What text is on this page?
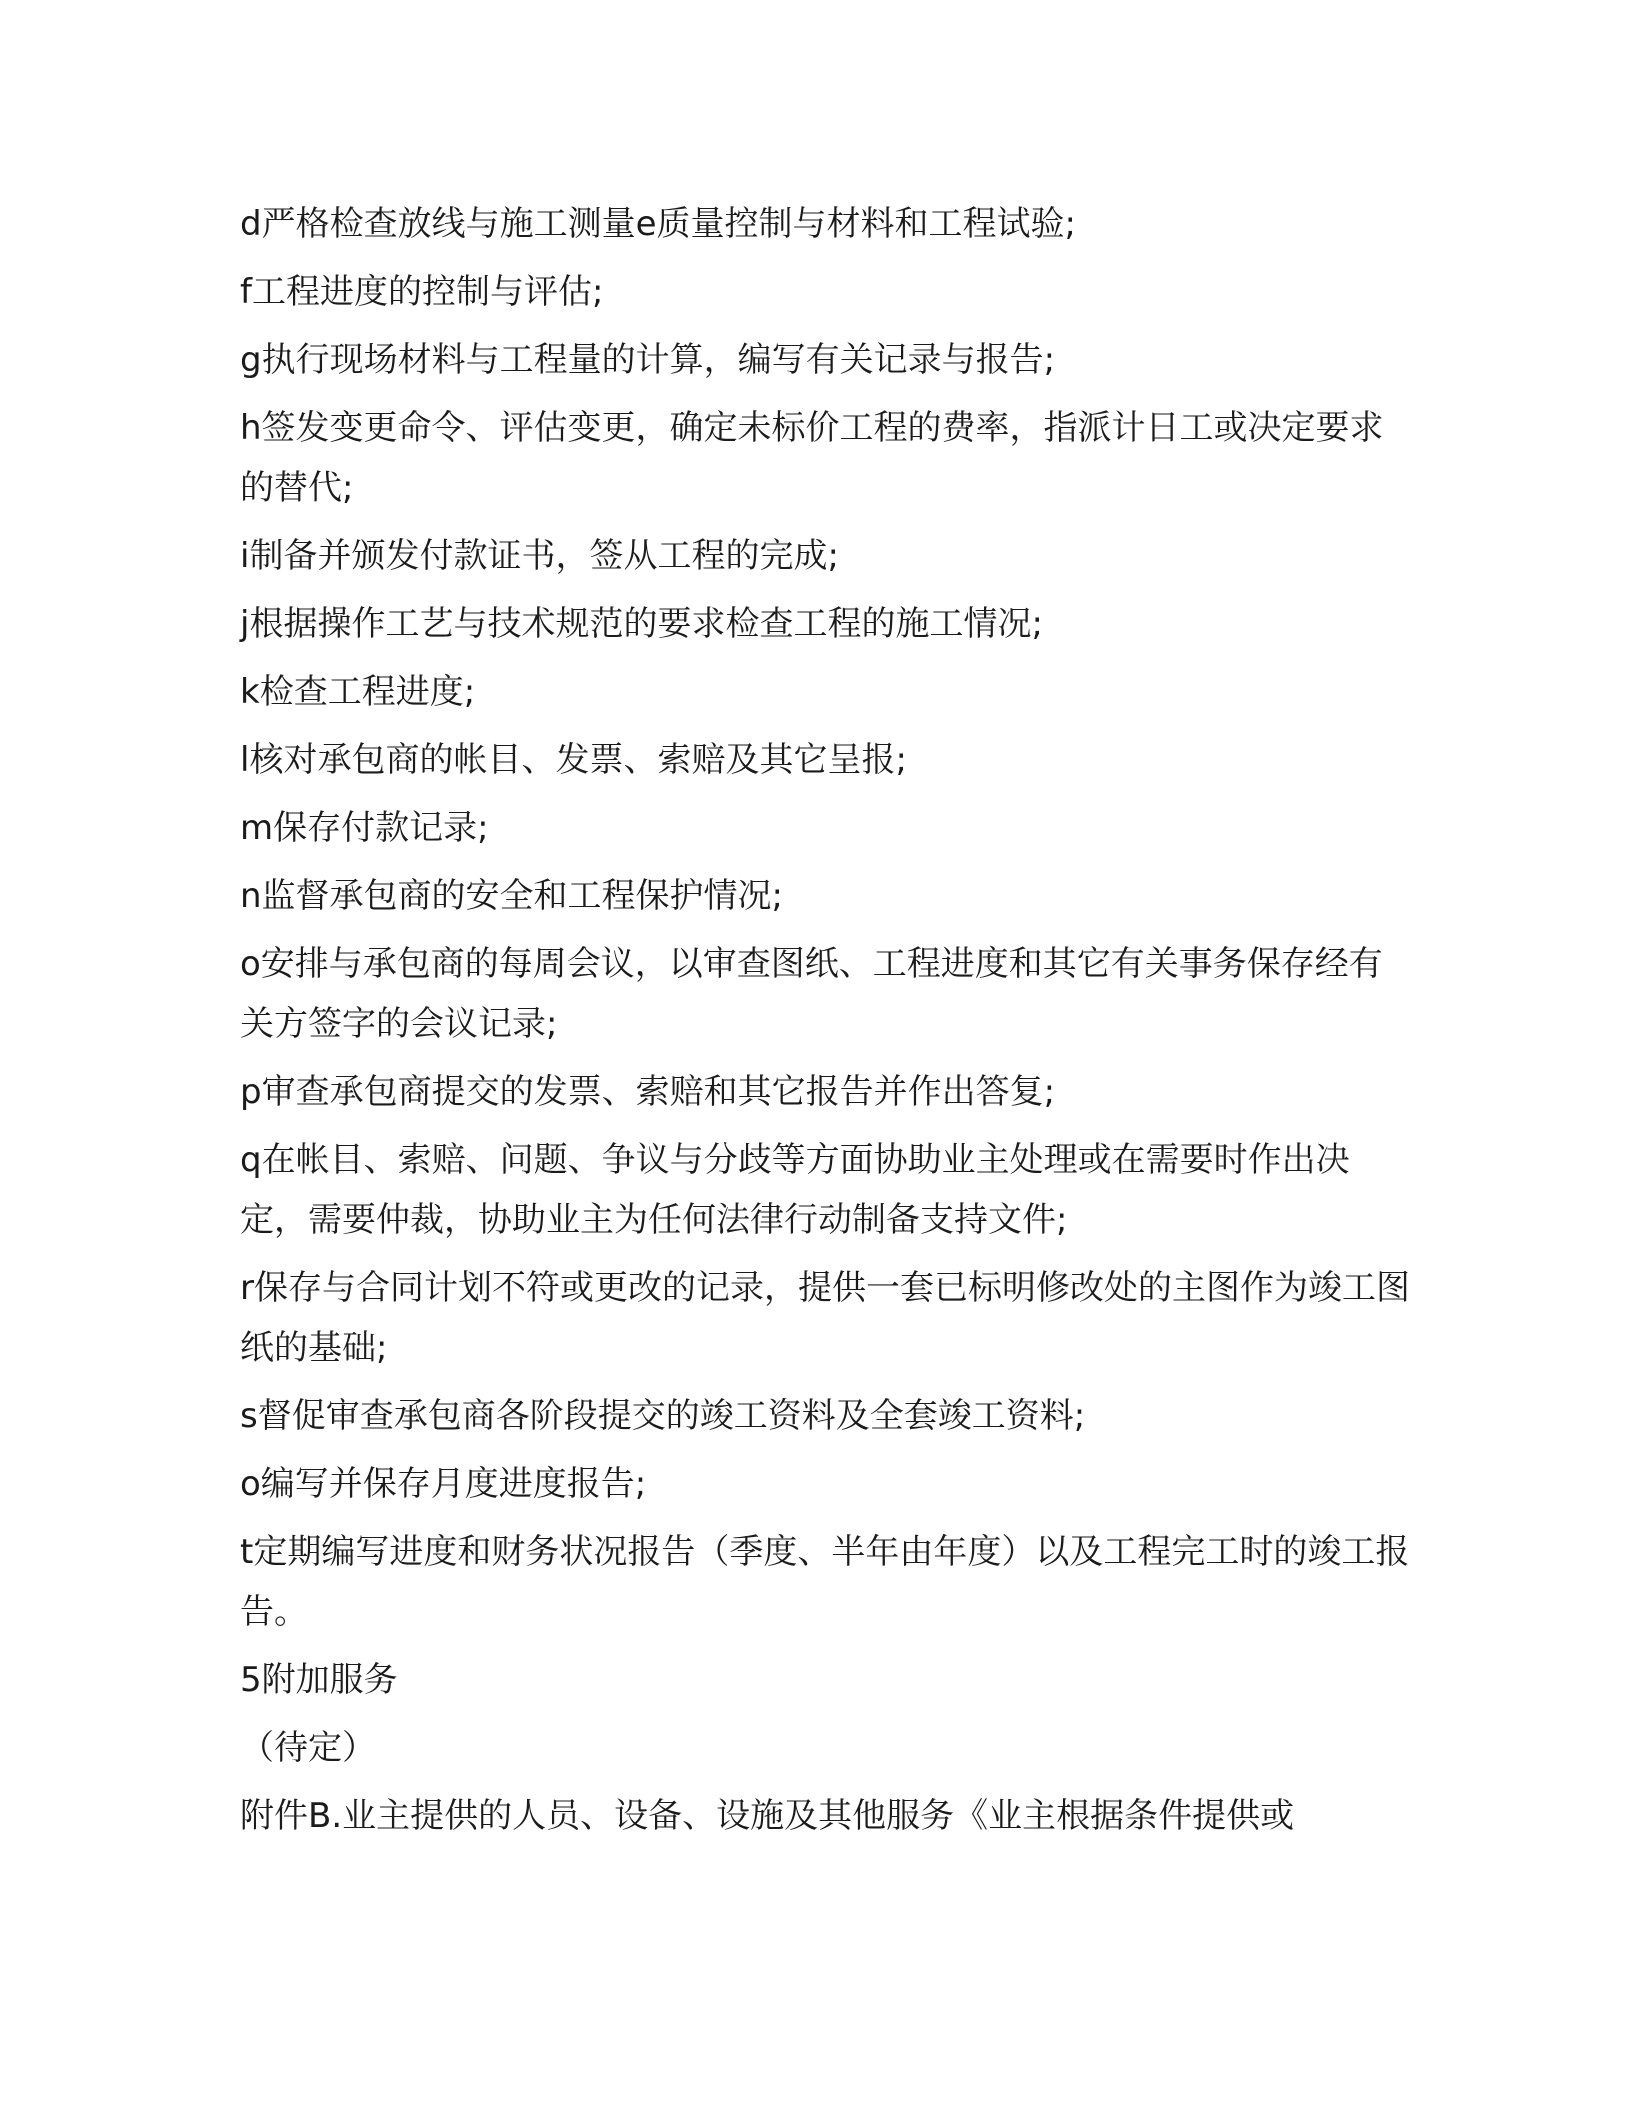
d严格检查放线与施工测量e质量控制与材料和工程试验;

f工程进度的控制与评估;

g执行现场材料与工程量的计算，编写有关记录与报告;

h签发变更命令、评估变更，确定未标价工程的费率，指派计日工或决定要求的替代;

i制备并颁发付款证书，签从工程的完成;

j根据操作工艺与技术规范的要求检查工程的施工情况;

k检查工程进度;

l核对承包商的帐目、发票、索赔及其它呈报;

m保存付款记录;

n监督承包商的安全和工程保护情况;

o安排与承包商的每周会议，以审查图纸、工程进度和其它有关事务保存经有关方签字的会议记录;

p审查承包商提交的发票、索赔和其它报告并作出答复;

q在帐目、索赔、问题、争议与分歧等方面协助业主处理或在需要时作出决定，需要仲裁，协助业主为任何法律行动制备支持文件;

r保存与合同计划不符或更改的记录，提供一套已标明修改处的主图作为竣工图纸的基础;

s督促审查承包商各阶段提交的竣工资料及全套竣工资料;

o编写并保存月度进度报告;

t定期编写进度和财务状况报告（季度、半年由年度）以及工程完工时的竣工报告。

5附加服务

（待定）

附件B.业主提供的人员、设备、设施及其他服务《业主根据条件提供或
